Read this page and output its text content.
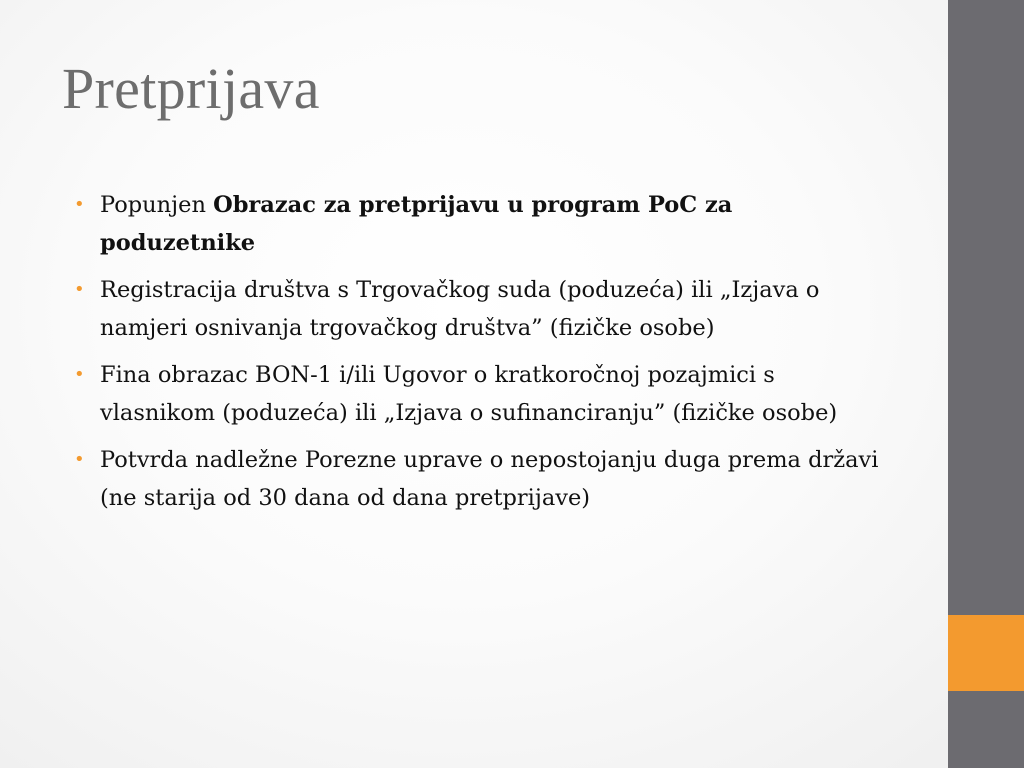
Pretprijava
• Popunjen Obrazac za pretprijavu u program PoC za poduzetnike
• Registracija društva s Trgovačkog suda (poduzeća) ili „Izjava o namjeri osnivanja trgovačkog društva” (fizičke osobe)
• Fina obrazac BON-1 i/ili Ugovor o kratkoročnoj pozajmici s vlasnikom (poduzeća) ili „Izjava o sufinanciranju” (fizičke osobe)
• Potvrda nadležne Porezne uprave o nepostojanju duga prema državi (ne starija od 30 dana od dana pretprijave)
